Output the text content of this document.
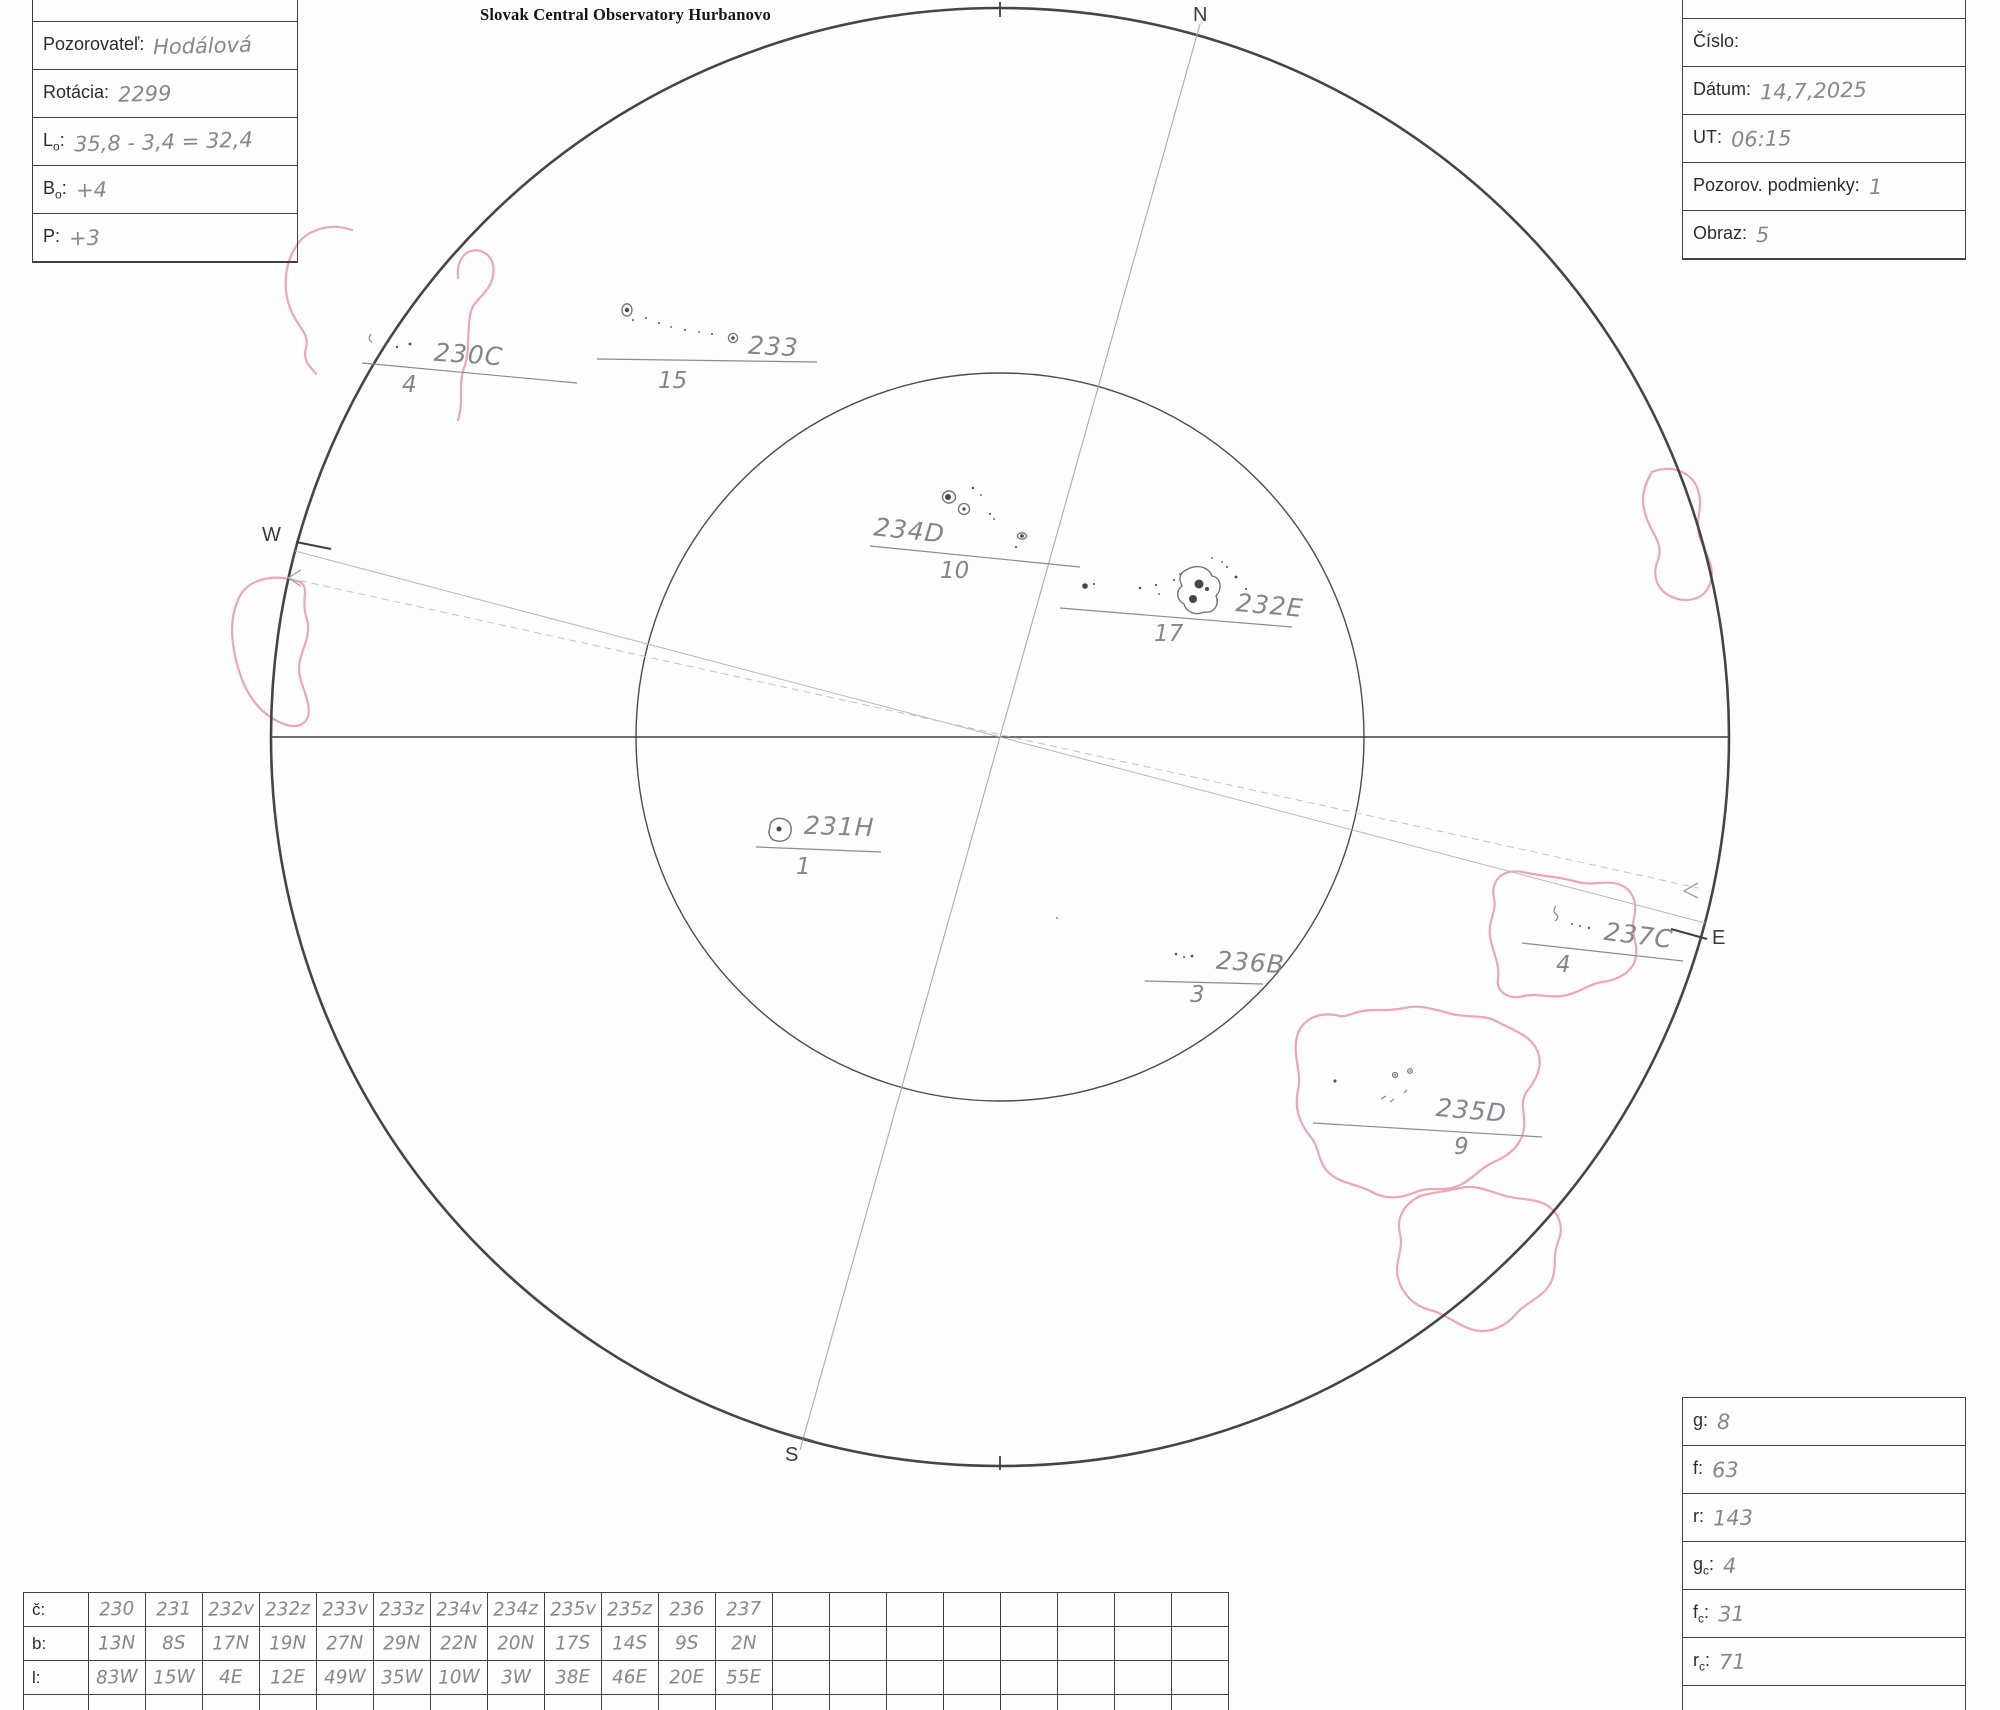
Slovak Central Observatory Hurbanovo	N
S
W
E
Pozorovateľ: Hodálová
Rotácia: 2299
$L_o$: 35,8 - 3,4 = 32,4
$B_o$: +4
P: +3
Číslo:
Dátum: 14,7,2025
UT: 06:15
Pozorov. podmienky: 1
Obraz: 5
g: 8
f: 63
r: 143
$g_c$: 4
$f_c$: 31
$r_c$: 71
230C
4
233
15
234D
10
232E
17
231H
1
236B
3
237C
4
235D
9
č:	230	231	232v	232z	233v	233z	234v	234z	235v	235z	236	237								
b:	13N	8S	17N	19N	27N	29N	22N	20N	17S	14S	9S	2N								
l:	83W	15W	4E	12E	49W	35W	10W	3W	38E	46E	20E	55E								
